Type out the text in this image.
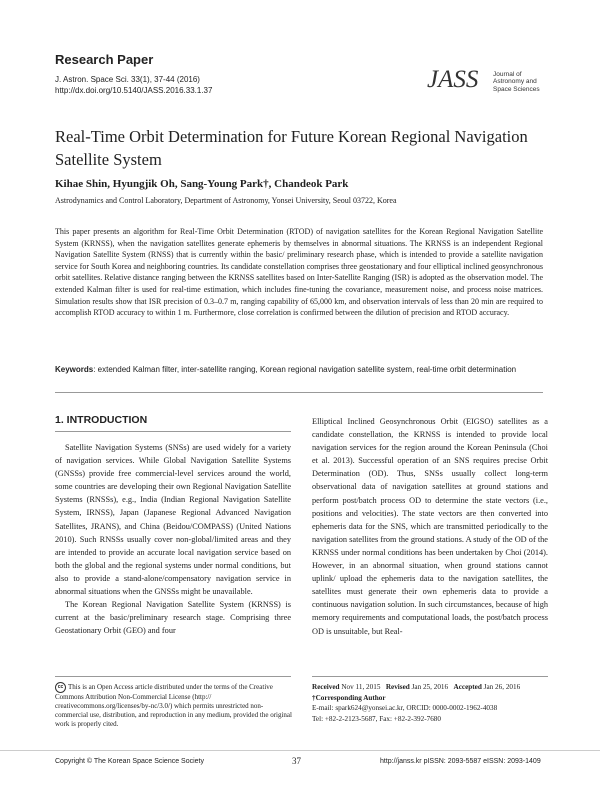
Research Paper
J. Astron. Space Sci. 33(1), 37-44 (2016)
http://dx.doi.org/10.5140/JASS.2016.33.1.37	JASS Journal of
Astronomy and
Space Sciences
Real-Time Orbit Determination for Future Korean Regional Navigation Satellite System
Kihae Shin, Hyungjik Oh, Sang-Young Park†, Chandeok Park
Astrodynamics and Control Laboratory, Department of Astronomy, Yonsei University, Seoul 03722, Korea
This paper presents an algorithm for Real-Time Orbit Determination (RTOD) of navigation satellites for the Korean Regional Navigation Satellite System (KRNSS), when the navigation satellites generate ephemeris by themselves in abnormal situations. The KRNSS is an independent Regional Navigation Satellite System (RNSS) that is currently within the basic/ preliminary research phase, which is intended to provide a satellite navigation service for South Korea and neighboring countries. Its candidate constellation comprises three geostationary and four elliptical inclined geosynchronous orbit satellites. Relative distance ranging between the KRNSS satellites based on Inter-Satellite Ranging (ISR) is adopted as the observation model. The extended Kalman filter is used for real-time estimation, which includes fine-tuning the covariance, measurement noise, and process noise matrices. Simulation results show that ISR precision of 0.3–0.7 m, ranging capability of 65,000 km, and observation intervals of less than 20 min are required to accomplish RTOD accuracy to within 1 m. Furthermore, close correlation is confirmed between the dilution of precision and RTOD accuracy.
Keywords: extended Kalman filter, inter-satellite ranging, Korean regional navigation satellite system, real-time orbit determination
1. INTRODUCTION

Satellite Navigation Systems (SNSs) are used widely for a variety of navigation services. While Global Navigation Satellite Systems (GNSSs) provide free commercial-level services around the world, some countries are developing their own Regional Navigation Satellite Systems (RNSSs), e.g., India (Indian Regional Navigation Satellite System, IRNSS), Japan (Japanese Regional Advanced Navigation Satellites, JRANS), and China (Beidou/COMPASS) (United Nations 2010). Such RNSSs usually cover non-global/limited areas and they are intended to provide an accurate local navigation service based on both the global and the regional systems under normal conditions, but also to provide a stand-alone/compensatory navigation service in abnormal situations when the GNSSs might be unavailable.

The Korean Regional Navigation Satellite System (KRNSS) is current at the basic/preliminary research stage. Comprising three Geostationary Orbit (GEO) and four

Elliptical Inclined Geosynchronous Orbit (EIGSO) satellites as a candidate constellation, the KRNSS is intended to provide local navigation services for the region around the Korean Peninsula (Choi et al. 2013). Successful operation of an SNS requires precise Orbit Determination (OD). Thus, SNSs usually collect long-term observational data of navigation satellites at ground stations and perform post/batch process OD to determine the state vectors (i.e., positions and velocities). The state vectors are then converted into ephemeris data for the SNS, which are transmitted periodically to the navigation satellites from the ground stations. A study of the OD of the KRNSS under normal conditions has been undertaken by Choi (2014). However, in an abnormal situation, when ground stations cannot uplink/ upload the ephemeris data to the navigation satellites, the satellites must generate their own ephemeris data to provide a continuous navigation solution. In such circumstances, because of high memory requirements and computational loads, the post/batch process OD is unsuitable, but Real-

cc This is an Open Access article distributed under the terms of the Creative Commons Attribution Non-Commercial License (http:// creativecommons.org/licenses/by-nc/3.0/) which permits unrestricted non-commercial use, distribution, and reproduction in any medium, provided the original work is properly cited.
Received Nov 11, 2015 Revised Jan 25, 2016 Accepted Jan 26, 2016
†Corresponding Author
E-mail: spark624@yonsei.ac.kr, ORCID: 0000-0002-1962-4038
Tel: +82-2-2123-5687, Fax: +82-2-392-7680
Copyright © The Korean Space Science Society	37	http://janss.kr pISSN: 2093-5587 eISSN: 2093-1409
